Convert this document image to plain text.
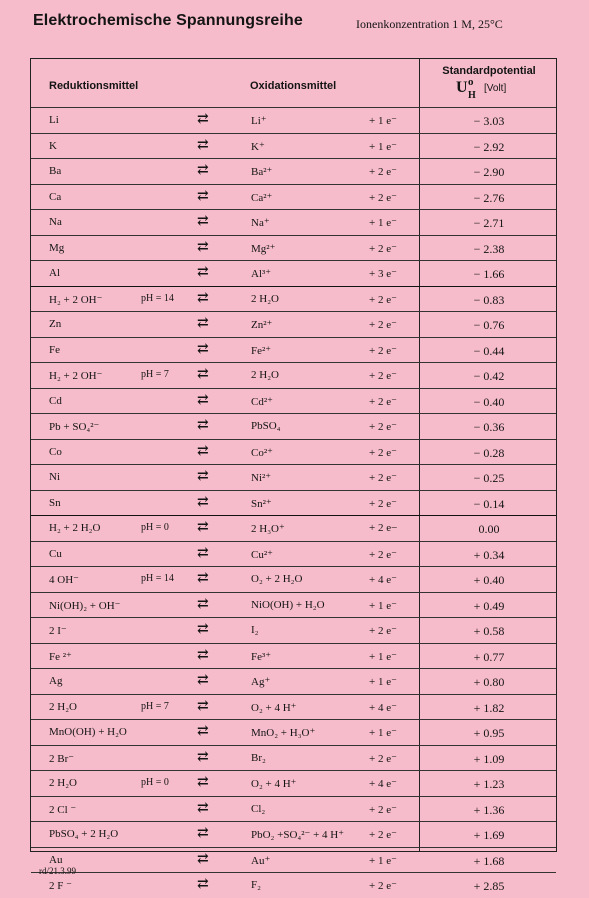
Elektrochemische Spannungsreihe	Ionenkonzentration 1 M, 25°C
Reduktionsmittel	Oxidationsmittel
Standardpotential
U o
H
[Volt]
Li	⇄	Li⁺	+ 1 e⁻	− 3.03
K	⇄	K⁺	+ 1 e⁻	− 2.92
Ba	⇄	Ba²⁺	+ 2 e⁻	− 2.90
Ca	⇄	Ca²⁺	+ 2 e⁻	− 2.76
Na	⇄	Na⁺	+ 1 e⁻	− 2.71
Mg	⇄	Mg²⁺	+ 2 e⁻	− 2.38
Al	⇄	Al³⁺	+ 3 e⁻	− 1.66
H₂ + 2 OH⁻	pH = 14 ⇄	2 H₂O	+ 2 e⁻	− 0.83
Zn	⇄	Zn²⁺	+ 2 e⁻	− 0.76
Fe	⇄	Fe²⁺	+ 2 e⁻	− 0.44
H₂ + 2 OH⁻	pH = 7 ⇄	2 H₂O	+ 2 e⁻	− 0.42
Cd	⇄	Cd²⁺	+ 2 e⁻	− 0.40
Pb + SO₄²⁻	⇄	PbSO₄	+ 2 e⁻	− 0.36
Co	⇄	Co²⁺	+ 2 e⁻	− 0.28
Ni	⇄	Ni²⁺	+ 2 e⁻	− 0.25
Sn	⇄	Sn²⁺	+ 2 e⁻	− 0.14
H₂ + 2 H₂O	pH = 0 ⇄	2 H₃O⁺	+ 2 e−	0.00
Cu	⇄	Cu²⁺	+ 2 e⁻	+ 0.34
4 OH⁻	pH = 14 ⇄	O₂ + 2 H₂O	+ 4 e⁻	+ 0.40
Ni(OH)₂ + OH⁻	⇄	NiO(OH) + H₂O	+ 1 e⁻	+ 0.49
2 I⁻	⇄	I₂	+ 2 e⁻	+ 0.58
Fe ²⁺	⇄	Fe³⁺	+ 1 e⁻	+ 0.77
Ag	⇄	Ag⁺	+ 1 e⁻	+ 0.80
2 H₂O	pH = 7 ⇄	O₂ + 4 H⁺	+ 4 e⁻	+ 1.82
MnO(OH) + H₂O	⇄	MnO₂ + H₃O⁺	+ 1 e⁻	+ 0.95
2 Br⁻	⇄	Br₂	+ 2 e⁻	+ 1.09
2 H₂O	pH = 0 ⇄	O₂ + 4 H⁺	+ 4 e⁻	+ 1.23
2 Cl ⁻	⇄	Cl₂	+ 2 e⁻	+ 1.36
PbSO₄ + 2 H₂O	⇄	PbO₂ +SO₄²⁻ + 4 H⁺ + 2 e⁻	+ 1.69
Au	⇄	Au⁺	+ 1 e⁻	+ 1.68
2 F ⁻	⇄	F₂	+ 2 e⁻	+ 2.85
rd/21.3.99
